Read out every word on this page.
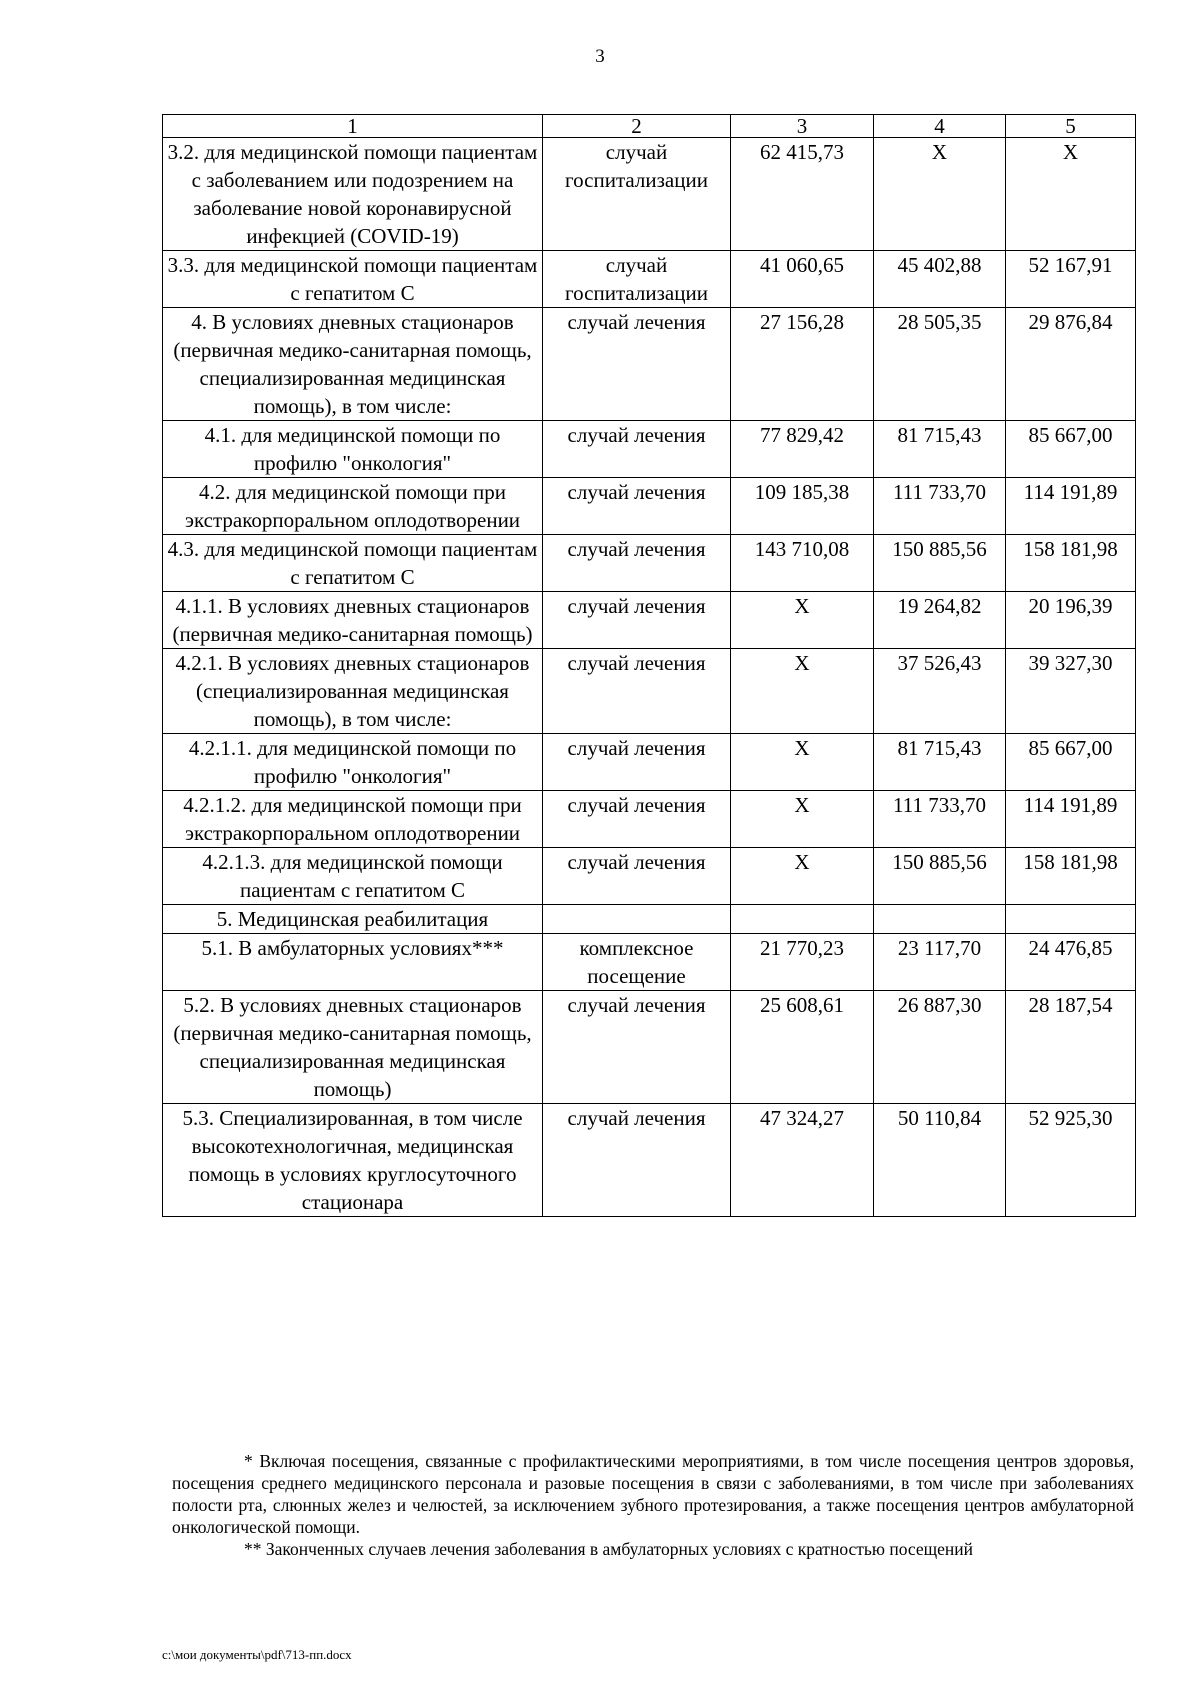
3
1	2	3	4	5
3.2. для медицинской помощи пациентам с заболеванием или подозрением на заболевание новой коронавирусной инфекцией (COVID-19)	случай госпитализации	62 415,73	X	X
3.3. для медицинской помощи пациентам с гепатитом С	случай госпитализации	41 060,65	45 402,88	52 167,91
4. В условиях дневных стационаров (первичная медико-санитарная помощь, специализированная медицинская помощь), в том числе:	случай лечения	27 156,28	28 505,35	29 876,84
4.1. для медицинской помощи по профилю "онкология"	случай лечения	77 829,42	81 715,43	85 667,00
4.2. для медицинской помощи при экстракорпоральном оплодотворении	случай лечения	109 185,38	111 733,70	114 191,89
4.3. для медицинской помощи пациентам с гепатитом С	случай лечения	143 710,08	150 885,56	158 181,98
4.1.1. В условиях дневных стационаров (первичная медико-санитарная помощь)	случай лечения	X	19 264,82	20 196,39
4.2.1. В условиях дневных стационаров (специализированная медицинская помощь), в том числе:	случай лечения	X	37 526,43	39 327,30
4.2.1.1. для медицинской помощи по профилю "онкология"	случай лечения	X	81 715,43	85 667,00
4.2.1.2. для медицинской помощи при экстракорпоральном оплодотворении	случай лечения	X	111 733,70	114 191,89
4.2.1.3. для медицинской помощи пациентам с гепатитом С	случай лечения	X	150 885,56	158 181,98
5. Медицинская реабилитация				
5.1. В амбулаторных условиях***	комплексное посещение	21 770,23	23 117,70	24 476,85
5.2. В условиях дневных стационаров (первичная медико-санитарная помощь, специализированная медицинская помощь)	случай лечения	25 608,61	26 887,30	28 187,54
5.3. Специализированная, в том числе высокотехнологичная, медицинская помощь в условиях круглосуточного стационара	случай лечения	47 324,27	50 110,84	52 925,30

* Включая посещения, связанные с профилактическими мероприятиями, в том числе посещения центров здоровья, посещения среднего медицинского персонала и разовые посещения в связи с заболеваниями, в том числе при заболеваниях полости рта, слюнных желез и челюстей, за исключением зубного протезирования, а также посещения центров амбулаторной онкологической помощи.

** Законченных случаев лечения заболевания в амбулаторных условиях с кратностью посещений

c:\мои документы\pdf\713-пп.docx
